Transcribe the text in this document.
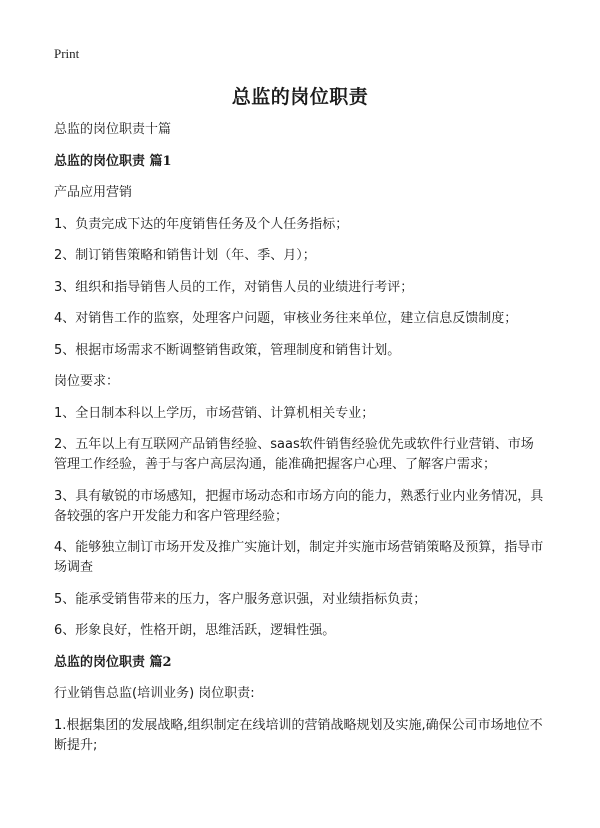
Print
总监的岗位职责

总监的岗位职责十篇

总监的岗位职责 篇1

产品应用营销

1、负责完成下达的年度销售任务及个人任务指标；

2、制订销售策略和销售计划（年、季、月）；

3、组织和指导销售人员的工作，对销售人员的业绩进行考评；

4、对销售工作的监察，处理客户问题，审核业务往来单位，建立信息反馈制度；

5、根据市场需求不断调整销售政策，管理制度和销售计划。

岗位要求：

1、全日制本科以上学历，市场营销、计算机相关专业；

2、五年以上有互联网产品销售经验、saas软件销售经验优先或软件行业营销、市场管理工作经验，善于与客户高层沟通，能准确把握客户心理、了解客户需求；

3、具有敏锐的市场感知，把握市场动态和市场方向的能力，熟悉行业内业务情况，具备较强的客户开发能力和客户管理经验；

4、能够独立制订市场开发及推广实施计划，制定并实施市场营销策略及预算，指导市场调查

5、能承受销售带来的压力，客户服务意识强，对业绩指标负责；

6、形象良好，性格开朗，思维活跃，逻辑性强。

总监的岗位职责 篇2

行业销售总监(培训业务) 岗位职责:

1.根据集团的发展战略,组织制定在线培训的营销战略规划及实施,确保公司市场地位不断提升;
